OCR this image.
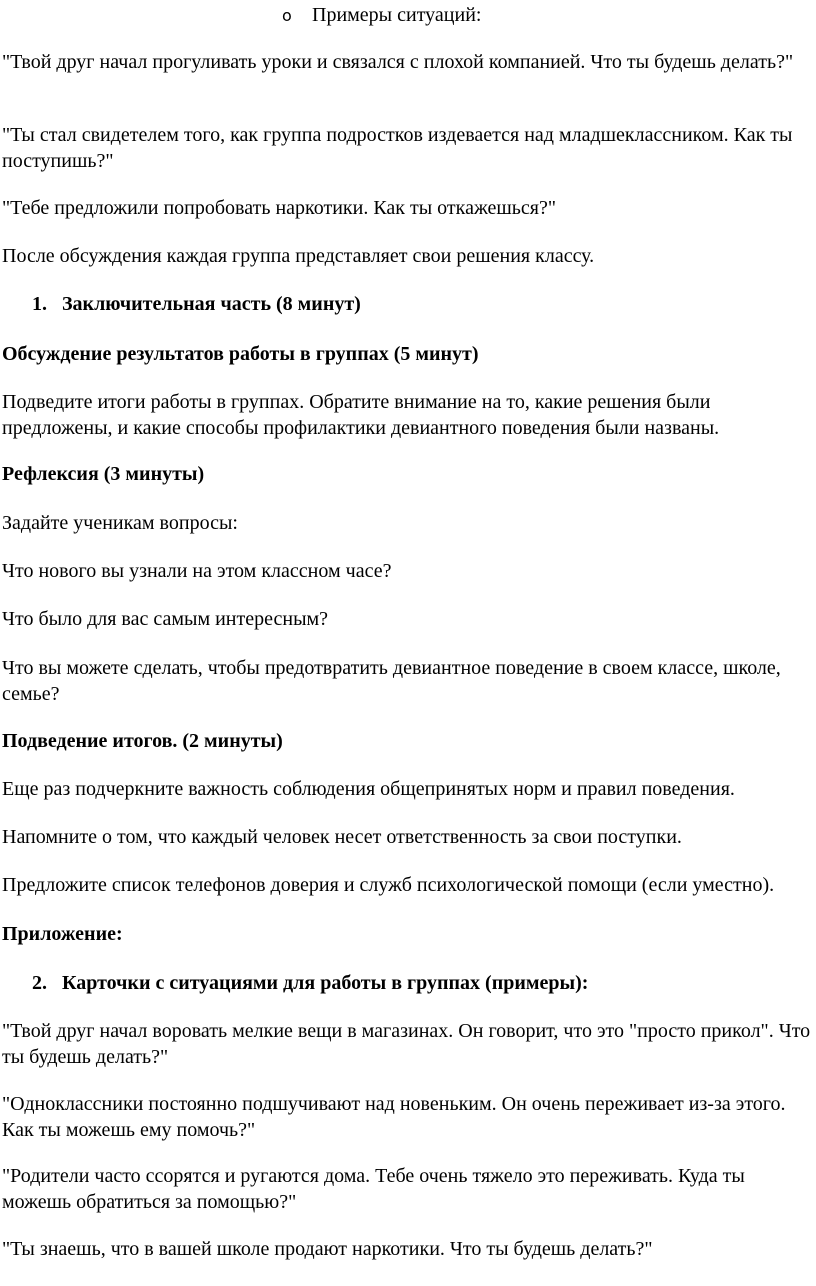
o Примеры ситуаций:

"Твой друг начал прогуливать уроки и связался с плохой компанией. Что ты будешь делать?"

"Ты стал свидетелем того, как группа подростков издевается над младшеклассником. Как ты поступишь?"

"Тебе предложили попробовать наркотики. Как ты откажешься?"

После обсуждения каждая группа представляет свои решения классу.

1. Заключительная часть (8 минут)

Обсуждение результатов работы в группах (5 минут)

Подведите итоги работы в группах. Обратите внимание на то, какие решения были предложены, и какие способы профилактики девиантного поведения были названы.

Рефлексия (3 минуты)

Задайте ученикам вопросы:

Что нового вы узнали на этом классном часе?

Что было для вас самым интересным?

Что вы можете сделать, чтобы предотвратить девиантное поведение в своем классе, школе, семье?

Подведение итогов. (2 минуты)

Еще раз подчеркните важность соблюдения общепринятых норм и правил поведения.

Напомните о том, что каждый человек несет ответственность за свои поступки.

Предложите список телефонов доверия и служб психологической помощи (если уместно).

Приложение:

2. Карточки с ситуациями для работы в группах (примеры):

"Твой друг начал воровать мелкие вещи в магазинах. Он говорит, что это "просто прикол". Что ты будешь делать?"

"Одноклассники постоянно подшучивают над новеньким. Он очень переживает из-за этого. Как ты можешь ему помочь?"

"Родители часто ссорятся и ругаются дома. Тебе очень тяжело это переживать. Куда ты можешь обратиться за помощью?"

"Ты знаешь, что в вашей школе продают наркотики. Что ты будешь делать?"
